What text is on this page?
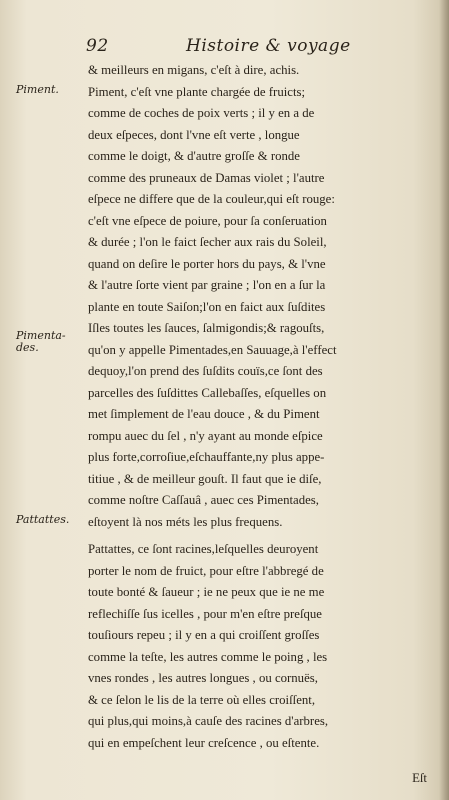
92	Histoire & voyage
Piment.
Pimenta-des.
Pattattes.
& meilleurs en migans, c'eſt à dire, achis.
Piment, c'eſt vne plante chargée de fruicts;
comme de coches de poix verts ; il y en a de
deux eſpeces, dont l'vne eſt verte , longue
comme le doigt, & d'autre groſſe & ronde
comme des pruneaux de Damas violet ; l'autre
eſpece ne differe que de la couleur,qui eſt rouge:
c'eſt vne eſpece de poiure, pour ſa conſeruation
& durée ; l'on le faict ſecher aux rais du Soleil,
quand on deſire le porter hors du pays, & l'vne
& l'autre ſorte vient par graine ; l'on en a ſur la
plante en toute Saiſon;l'on en faict aux ſuſdites
Iſles toutes les ſauces, ſalmigondis;& ragouſts,
qu'on y appelle Pimentades,en Sauuage,à l'effect
dequoy,l'on prend des ſuſdits couïs,ce ſont des
parcelles des ſuſdittes Callebaſſes, eſquelles on
met ſimplement de l'eau douce , & du Piment
rompu auec du ſel , n'y ayant au monde eſpice
plus forte,corroſiue,eſchauffante,ny plus appe-
titiue , & de meilleur gouſt. Il faut que ie diſe,
comme noſtre Caſſauâ , auec ces Pimentades,
eſtoyent là nos méts les plus frequens.
Pattattes, ce ſont racines,leſquelles deuroyent
porter le nom de fruict, pour eſtre l'abbregé de
toute bonté & ſaueur ; ie ne peux que ie ne me
reflechiſſe ſus icelles , pour m'en eſtre preſque
touſiours repeu ; il y en a qui croiſſent groſſes
comme la teſte, les autres comme le poing , les
vnes rondes , les autres longues , ou cornuës,
& ce ſelon le lis de la terre où elles croiſſent,
qui plus,qui moins,à cauſe des racines d'arbres,
qui en empeſchent leur creſcence , ou eſtente.
Eſt
